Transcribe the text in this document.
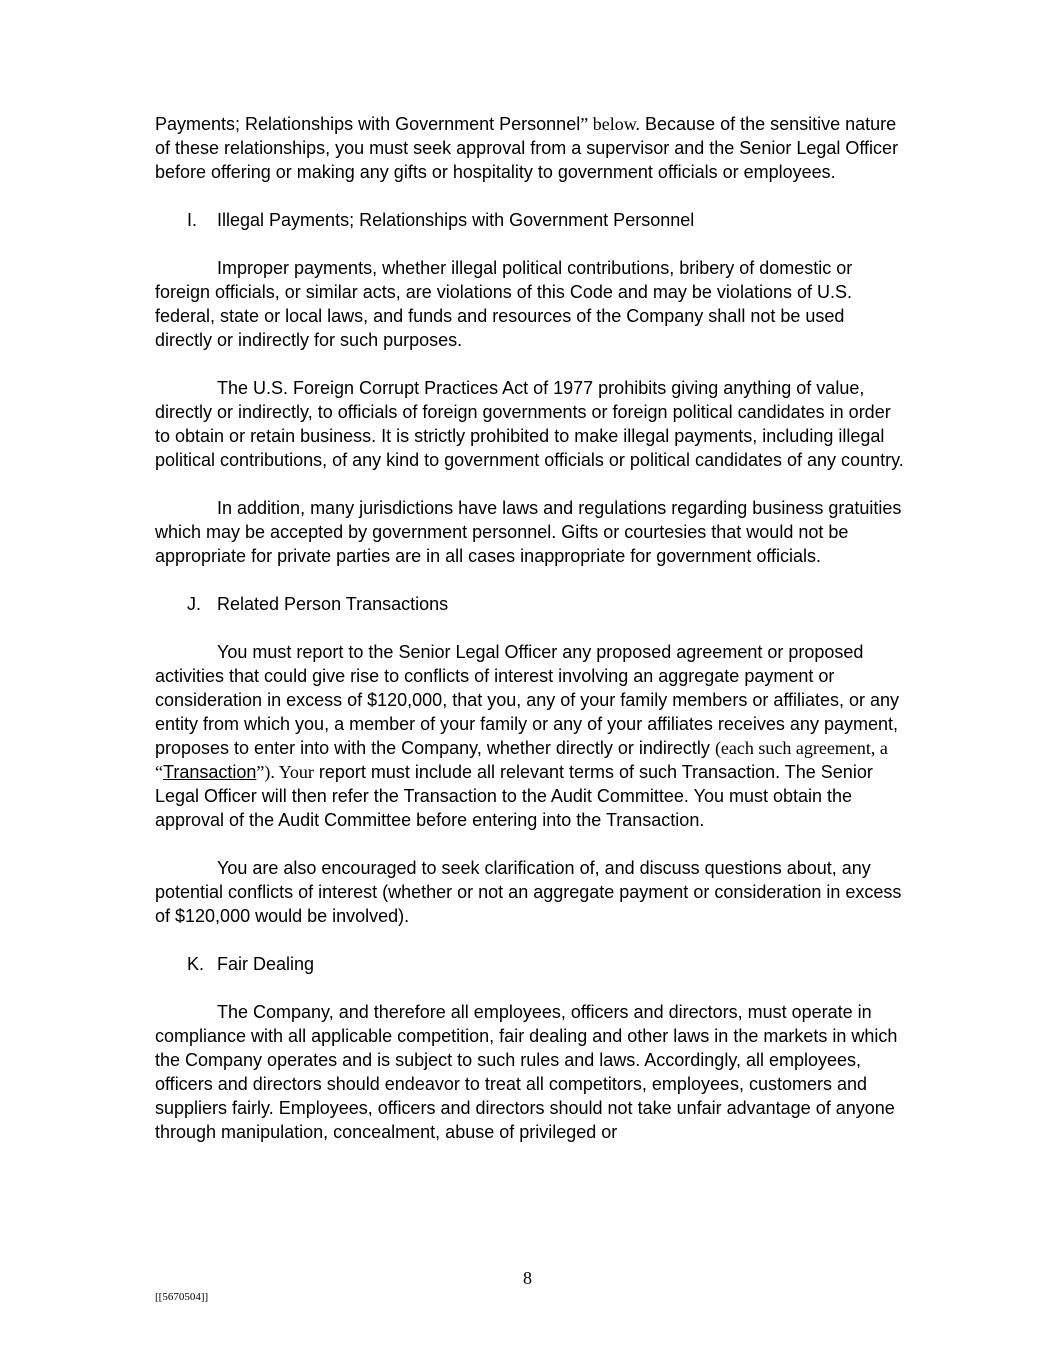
Payments; Relationships with Government Personnel” below. Because of the sensitive nature of these relationships, you must seek approval from a supervisor and the Senior Legal Officer before offering or making any gifts or hospitality to government officials or employees.

I.	Illegal Payments; Relationships with Government Personnel

Improper payments, whether illegal political contributions, bribery of domestic or foreign officials, or similar acts, are violations of this Code and may be violations of U.S. federal, state or local laws, and funds and resources of the Company shall not be used directly or indirectly for such purposes.

The U.S. Foreign Corrupt Practices Act of 1977 prohibits giving anything of value, directly or indirectly, to officials of foreign governments or foreign political candidates in order to obtain or retain business. It is strictly prohibited to make illegal payments, including illegal political contributions, of any kind to government officials or political candidates of any country.

In addition, many jurisdictions have laws and regulations regarding business gratuities which may be accepted by government personnel. Gifts or courtesies that would not be appropriate for private parties are in all cases inappropriate for government officials.

J. Related Person Transactions

You must report to the Senior Legal Officer any proposed agreement or proposed activities that could give rise to conflicts of interest involving an aggregate payment or consideration in excess of $120,000, that you, any of your family members or affiliates, or any entity from which you, a member of your family or any of your affiliates receives any payment, proposes to enter into with the Company, whether directly or indirectly (each such agreement, a “Transaction”). Your report must include all relevant terms of such Transaction. The Senior Legal Officer will then refer the Transaction to the Audit Committee. You must obtain the approval of the Audit Committee before entering into the Transaction.

You are also encouraged to seek clarification of, and discuss questions about, any potential conflicts of interest (whether or not an aggregate payment or consideration in excess of $120,000 would be involved).

K. Fair Dealing

The Company, and therefore all employees, officers and directors, must operate in compliance with all applicable competition, fair dealing and other laws in the markets in which the Company operates and is subject to such rules and laws. Accordingly, all employees, officers and directors should endeavor to treat all competitors, employees, customers and suppliers fairly. Employees, officers and directors should not take unfair advantage of anyone through manipulation, concealment, abuse of privileged or

8
[[5670504]]
